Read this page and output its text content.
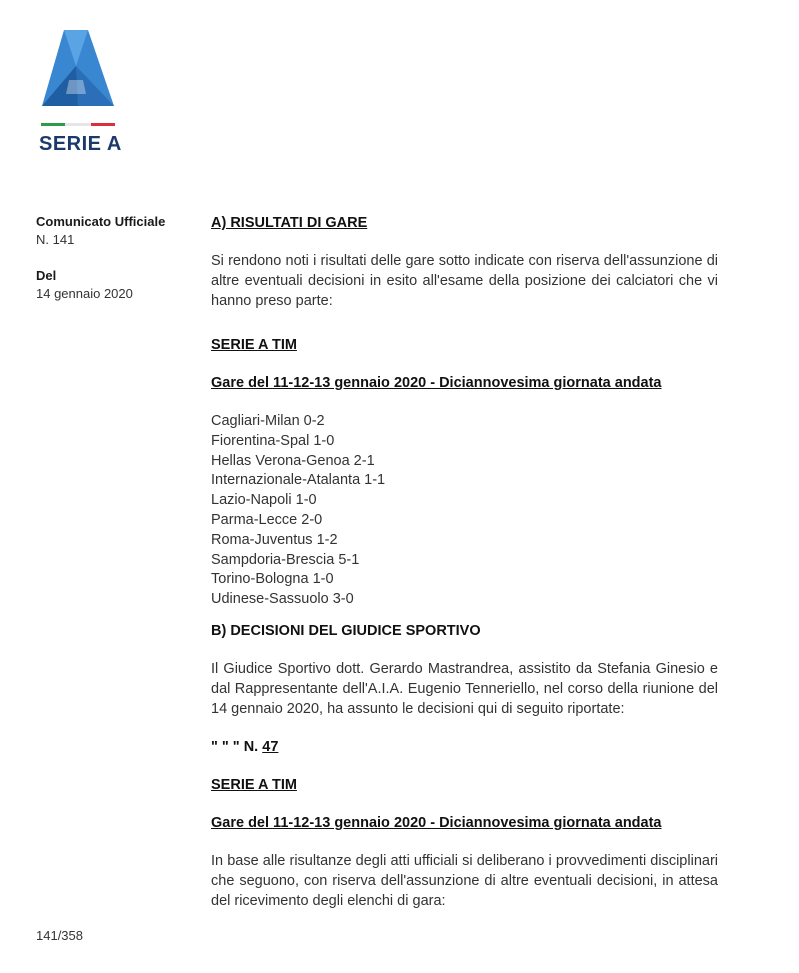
SERIE A
Comunicato Ufficiale
N. 141
Del
14 gennaio 2020
A) RISULTATI DI GARE

Si rendono noti i risultati delle gare sotto indicate con riserva dell'assunzione di altre eventuali decisioni in esito all'esame della posizione dei calciatori che vi hanno preso parte:

SERIE A TIM
Gare del 11-12-13 gennaio 2020 - Diciannovesima giornata andata
Cagliari-Milan 0-2
Fiorentina-Spal 1-0
Hellas Verona-Genoa 2-1
Internazionale-Atalanta 1-1
Lazio-Napoli 1-0
Parma-Lecce 2-0
Roma-Juventus 1-2
Sampdoria-Brescia 5-1
Torino-Bologna 1-0
Udinese-Sassuolo 3-0
B) DECISIONI DEL GIUDICE SPORTIVO

Il Giudice Sportivo dott. Gerardo Mastrandrea, assistito da Stefania Ginesio e dal Rappresentante dell'A.I.A. Eugenio Tenneriello, nel corso della riunione del 14 gennaio 2020, ha assunto le decisioni qui di seguito riportate:

" " " N. 47
SERIE A TIM
Gare del 11-12-13 gennaio 2020 - Diciannovesima giornata andata

In base alle risultanze degli atti ufficiali si deliberano i provvedimenti disciplinari che seguono, con riserva dell'assunzione di altre eventuali decisioni, in attesa del ricevimento degli elenchi di gara:

141/358
